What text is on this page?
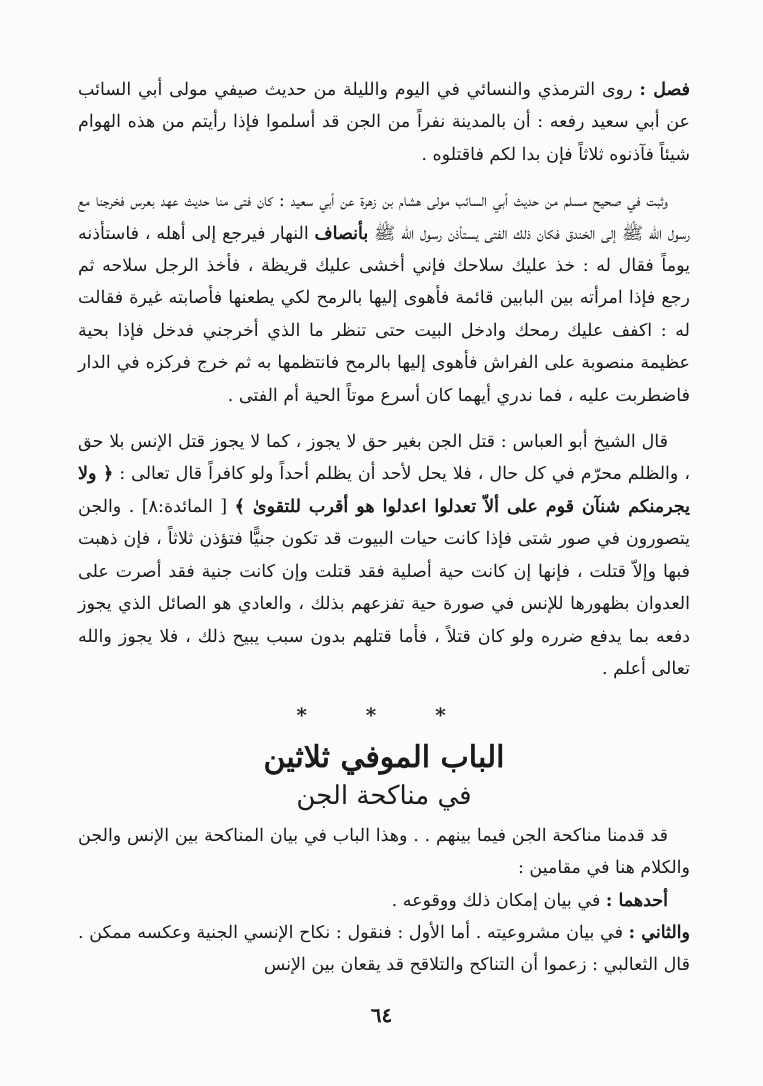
فصل : روى الترمذي والنسائي في اليوم والليلة من حديث صيفي مولى أبي السائب عن أبي سعيد رفعه : أن بالمدينة نفراً من الجن قد أسلموا فإذا رأيتم من هذه الهوام شيئاً فآذنوه ثلاثاً فإن بدا لكم فاقتلوه .

وثبت في صحيح مسلم من حديث أبي السائب مولى هشام بن زهرة عن أبي سعيد : كان فتى منا حديث عهد بعرس فخرجنا مع رسول الله ﷺ إلى الخندق فكان ذلك الفتى يستأذن رسول الله ﷺ بأنصاف النهار فيرجع إلى أهله ، فاستأذنه يوماً فقال له : خذ عليك سلاحك فإني أخشى عليك قريظة ، فأخذ الرجل سلاحه ثم رجع فإذا امرأته بين البابين قائمة فأهوى إليها بالرمح لكي يطعنها فأصابته غيرة فقالت له : اكفف عليك رمحك وادخل البيت حتى تنظر ما الذي أخرجني فدخل فإذا بحية عظيمة منصوبة على الفراش فأهوى إليها بالرمح فانتظمها به ثم خرج فركزه في الدار فاضطربت عليه ، فما ندري أيهما كان أسرع موتاً الحية أم الفتى .

قال الشيخ أبو العباس : قتل الجن بغير حق لا يجوز ، كما لا يجوز قتل الإنس بلا حق ، والظلم محرّم في كل حال ، فلا يحل لأحد أن يظلم أحداً ولو كافراً قال تعالى : ﴿ ولا يجرمنكم شنآن قوم على ألاّ تعدلوا اعدلوا هو أقرب للتقوىٰ ﴾ [ المائدة:٨] . والجن يتصورون في صور شتى فإذا كانت حيات البيوت قد تكون جنيًّا فتؤذن ثلاثاً ، فإن ذهبت فبها وإلاّ قتلت ، فإنها إن كانت حية أصلية فقد قتلت وإن كانت جنية فقد أصرت على العدوان بظهورها للإنس في صورة حية تفزعهم بذلك ، والعادي هو الصائل الذي يجوز دفعه بما يدفع ضرره ولو كان قتلاً ، فأما قتلهم بدون سبب يبيح ذلك ، فلا يجوز والله تعالى أعلم .

* * *
الباب الموفي ثلاثين
في مناكحة الجن

قد قدمنا مناكحة الجن فيما بينهم . . وهذا الباب في بيان المناكحة بين الإنس والجن والكلام هنا في مقامين :

أحدهما : في بيان إمكان ذلك ووقوعه .

والثاني : في بيان مشروعيته . أما الأول : فنقول : نكاح الإنسي الجنية وعكسه ممكن . قال الثعالبي : زعموا أن التناكح والتلاقح قد يقعان بين الإنس

٦٤
